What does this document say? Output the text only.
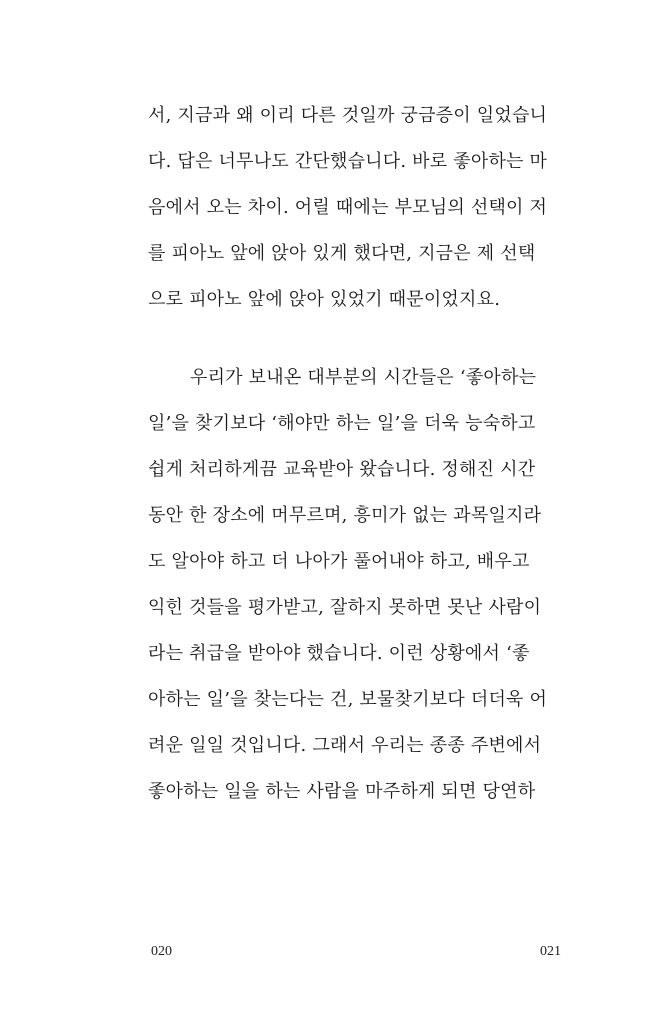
서, 지금과 왜 이리 다른 것일까 궁금증이 일었습니
다. 답은 너무나도 간단했습니다. 바로 좋아하는 마
음에서 오는 차이. 어릴 때에는 부모님의 선택이 저
를 피아노 앞에 앉아 있게 했다면, 지금은 제 선택
으로 피아노 앞에 앉아 있었기 때문이었지요.
우리가 보내온 대부분의 시간들은 ‘좋아하는
일’을 찾기보다 ‘해야만 하는 일’을 더욱 능숙하고
쉽게 처리하게끔 교육받아 왔습니다. 정해진 시간
동안 한 장소에 머무르며, 흥미가 없는 과목일지라
도 알아야 하고 더 나아가 풀어내야 하고, 배우고
익힌 것들을 평가받고, 잘하지 못하면 못난 사람이
라는 취급을 받아야 했습니다. 이런 상황에서 ‘좋
아하는 일’을 찾는다는 건, 보물찾기보다 더더욱 어
려운 일일 것입니다. 그래서 우리는 종종 주변에서
좋아하는 일을 하는 사람을 마주하게 되면 당연하
020	021
